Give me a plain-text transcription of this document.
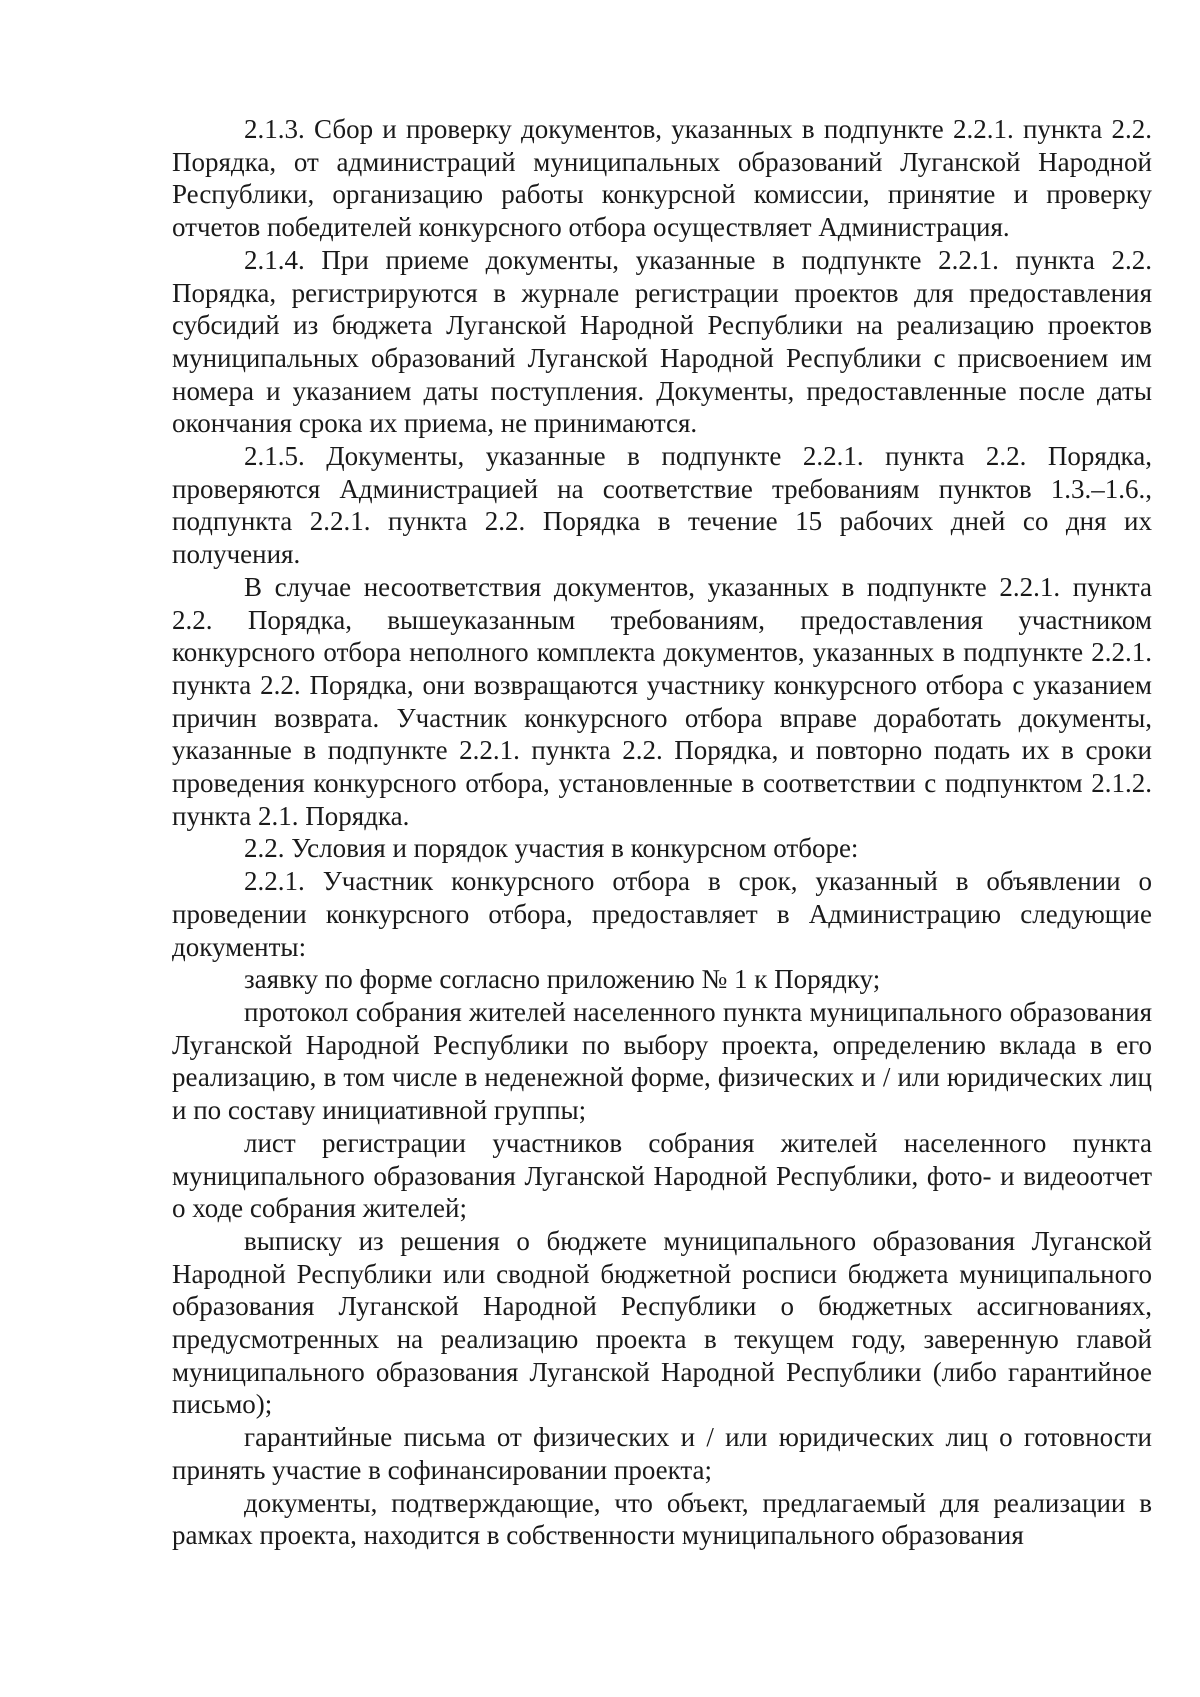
2.1.3. Сбор и проверку документов, указанных в подпункте 2.2.1. пункта 2.2. Порядка, от администраций муниципальных образований Луганской Народной Республики, организацию работы конкурсной комиссии, принятие и проверку отчетов победителей конкурсного отбора осуществляет Администрация.

2.1.4. При приеме документы, указанные в подпункте 2.2.1. пункта 2.2. Порядка, регистрируются в журнале регистрации проектов для предоставления субсидий из бюджета Луганской Народной Республики на реализацию проектов муниципальных образований Луганской Народной Республики с присвоением им номера и указанием даты поступления. Документы, предоставленные после даты окончания срока их приема, не принимаются.

2.1.5. Документы, указанные в подпункте 2.2.1. пункта 2.2. Порядка, проверяются Администрацией на соответствие требованиям пунктов 1.3.–1.6., подпункта 2.2.1. пункта 2.2. Порядка в течение 15 рабочих дней со дня их получения.

В случае несоответствия документов, указанных в подпункте 2.2.1. пункта 2.2. Порядка, вышеуказанным требованиям, предоставления участником конкурсного отбора неполного комплекта документов, указанных в подпункте 2.2.1. пункта 2.2. Порядка, они возвращаются участнику конкурсного отбора с указанием причин возврата. Участник конкурсного отбора вправе доработать документы, указанные в подпункте 2.2.1. пункта 2.2. Порядка, и повторно подать их в сроки проведения конкурсного отбора, установленные в соответствии с подпунктом 2.1.2. пункта 2.1. Порядка.

2.2. Условия и порядок участия в конкурсном отборе:

2.2.1. Участник конкурсного отбора в срок, указанный в объявлении о проведении конкурсного отбора, предоставляет в Администрацию следующие документы:

заявку по форме согласно приложению № 1 к Порядку;

протокол собрания жителей населенного пункта муниципального образования Луганской Народной Республики по выбору проекта, определению вклада в его реализацию, в том числе в неденежной форме, физических и / или юридических лиц и по составу инициативной группы;

лист регистрации участников собрания жителей населенного пункта муниципального образования Луганской Народной Республики, фото- и видеоотчет о ходе собрания жителей;

выписку из решения о бюджете муниципального образования Луганской Народной Республики или сводной бюджетной росписи бюджета муниципального образования Луганской Народной Республики о бюджетных ассигнованиях, предусмотренных на реализацию проекта в текущем году, заверенную главой муниципального образования Луганской Народной Республики (либо гарантийное письмо);

гарантийные письма от физических и / или юридических лиц о готовности принять участие в софинансировании проекта;

документы, подтверждающие, что объект, предлагаемый для реализации в рамках проекта, находится в собственности муниципального образования
